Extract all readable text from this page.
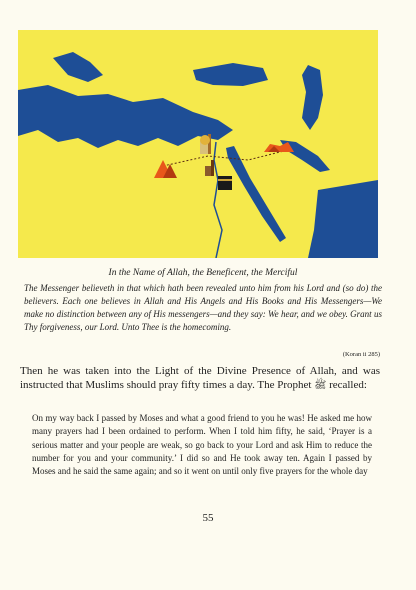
In the Name of Allah, the Beneficent, the Merciful

The Messenger believeth in that which hath been revealed unto him from his Lord and (so do) the believers. Each one believes in Allah and His Angels and His Books and His Messengers—We make no distinction between any of His messengers—and they say: We hear, and we obey. Grant us Thy forgiveness, our Lord. Unto Thee is the homecoming.

(Koran ii 285)

Then he was taken into the Light of the Divine Presence of Allah, and was instructed that Muslims should pray fifty times a day. The Prophet ﷺ recalled:

On my way back I passed by Moses and what a good friend to you he was! He asked me how many prayers had I been ordained to perform. When I told him fifty, he said, ‘Prayer is a serious matter and your people are weak, so go back to your Lord and ask Him to reduce the number for you and your community.’ I did so and He took away ten. Again I passed by Moses and he said the same again; and so it went on until only five prayers for the whole day

55
